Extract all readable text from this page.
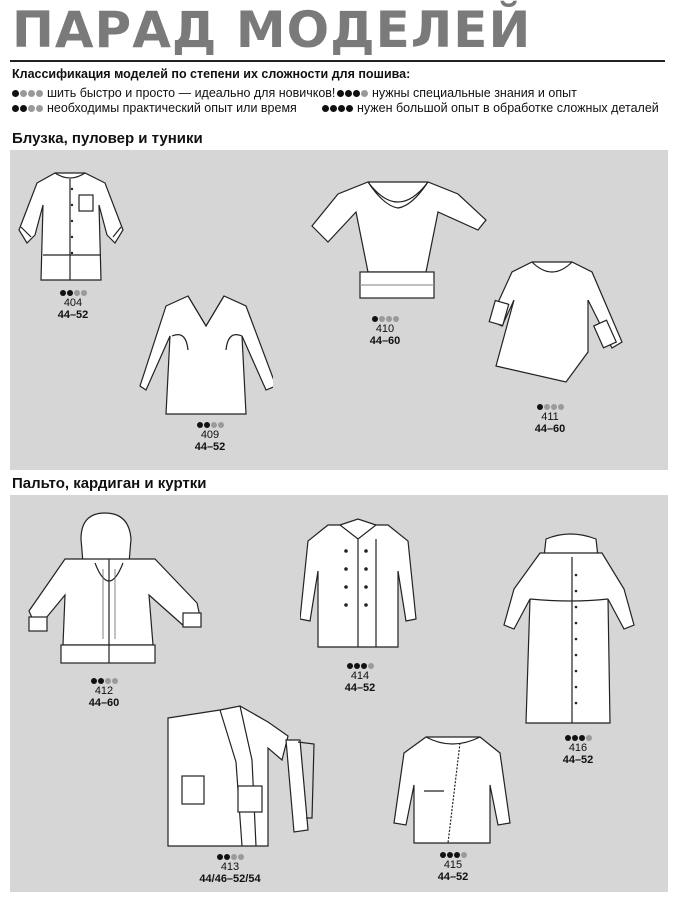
ПАРАД МОДЕЛЕЙ
Классификация моделей по степени их сложности для пошива:
шить быстро и просто — идеально для новичков!	нужны специальные знания и опыт
необходимы практический опыт или время	нужен большой опыт в обработке сложных деталей
Блузка, пуловер и туники
404
44–52
409
44–52
410
44–60
411
44–60
Пальто, кардиган и куртки
412
44–60
413
44/46–52/54
414
44–52
415
44–52
416
44–52
